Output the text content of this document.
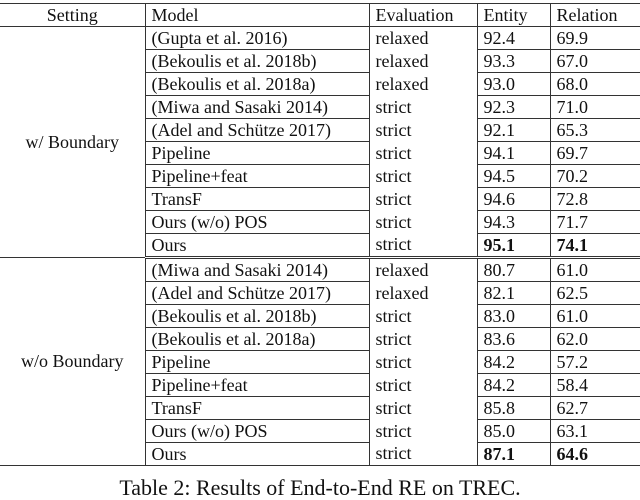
Setting	Model	Evaluation	Entity	Relation
w/ Boundary	(Gupta et al. 2016)	relaxed	92.4	69.9
	(Bekoulis et al. 2018b)	relaxed	93.3	67.0
	(Bekoulis et al. 2018a)	relaxed	93.0	68.0
	(Miwa and Sasaki 2014)	strict	92.3	71.0
	(Adel and Schütze 2017)	strict	92.1	65.3
	Pipeline	strict	94.1	69.7
	Pipeline+feat	strict	94.5	70.2
	TransF	strict	94.6	72.8
	Ours (w/o) POS	strict	94.3	71.7
	Ours	strict	95.1	74.1
w/o Boundary	(Miwa and Sasaki 2014)	relaxed	80.7	61.0
	(Adel and Schütze 2017)	relaxed	82.1	62.5
	(Bekoulis et al. 2018b)	strict	83.0	61.0
	(Bekoulis et al. 2018a)	strict	83.6	62.0
	Pipeline	strict	84.2	57.2
	Pipeline+feat	strict	84.2	58.4
	TransF	strict	85.8	62.7
	Ours (w/o) POS	strict	85.0	63.1
	Ours	strict	87.1	64.6
Table 2: Results of End-to-End RE on TREC.
